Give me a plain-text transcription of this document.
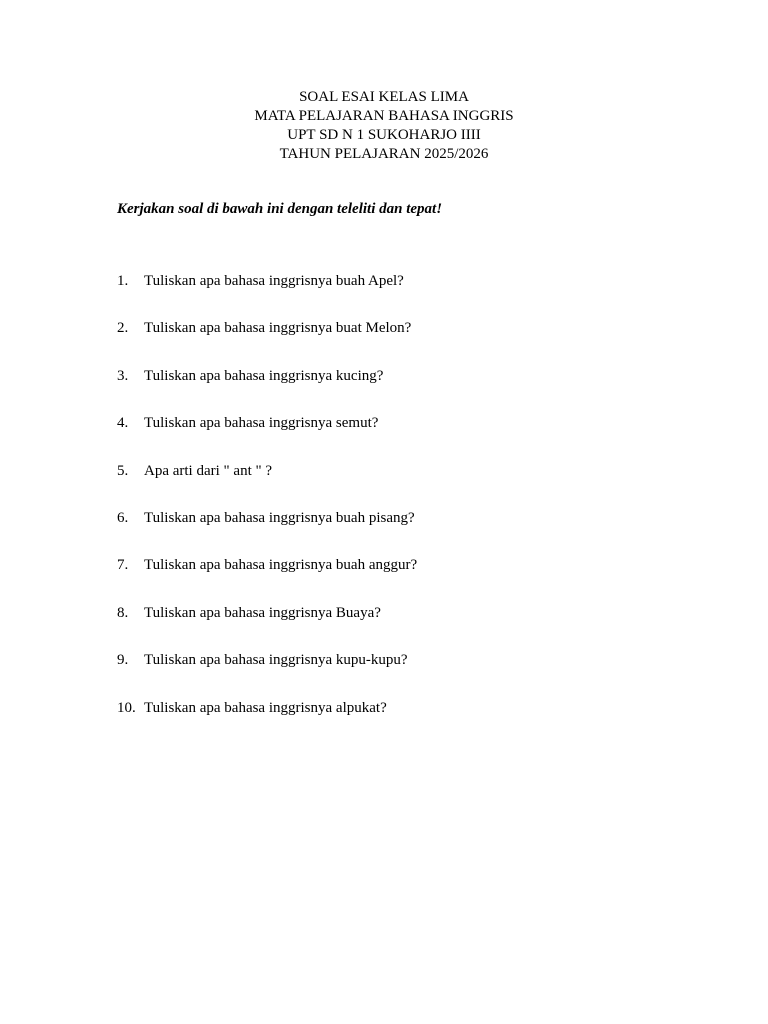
SOAL ESAI KELAS LIMA
MATA PELAJARAN BAHASA INGGRIS
UPT SD N 1 SUKOHARJO IIII
TAHUN PELAJARAN 2025/2026
Kerjakan soal di bawah ini dengan teleliti dan tepat!
1.	Tuliskan apa bahasa inggrisnya buah Apel?
2.	Tuliskan apa bahasa inggrisnya buat Melon?
3.	Tuliskan apa bahasa inggrisnya kucing?
4.	Tuliskan apa bahasa inggrisnya semut?
5.	Apa arti dari " ant " ?
6.	Tuliskan apa bahasa inggrisnya buah pisang?
7.	Tuliskan apa bahasa inggrisnya buah anggur?
8.	Tuliskan apa bahasa inggrisnya Buaya?
9.	Tuliskan apa bahasa inggrisnya kupu-kupu?
10. Tuliskan apa bahasa inggrisnya alpukat?
